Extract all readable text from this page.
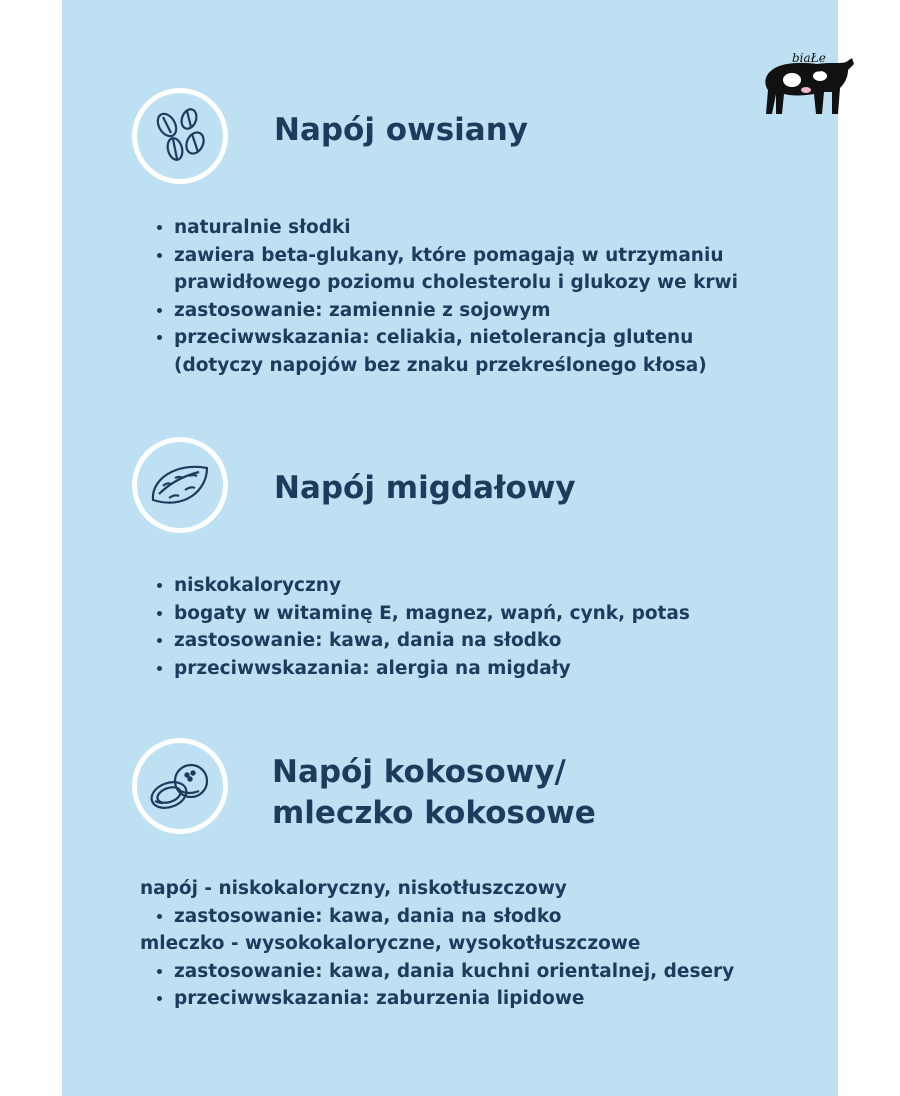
biaŁe
KRÓWSTWO
Napój owsiany
naturalnie słodki
zawiera beta-glukany, które pomagają w utrzymaniu
prawidłowego poziomu cholesterolu i glukozy we krwi
zastosowanie: zamiennie z sojowym
przeciwwskazania: celiakia, nietolerancja glutenu
(dotyczy napojów bez znaku przekreślonego kłosa)
Napój migdałowy
niskokaloryczny
bogaty w witaminę E, magnez, wapń, cynk, potas
zastosowanie: kawa, dania na słodko
przeciwwskazania: alergia na migdały
Napój kokosowy/
mleczko kokosowe
napój - niskokaloryczny, niskotłuszczowy
zastosowanie: kawa, dania na słodko
mleczko - wysokokaloryczne, wysokotłuszczowe
zastosowanie: kawa, dania kuchni orientalnej, desery
przeciwwskazania: zaburzenia lipidowe
